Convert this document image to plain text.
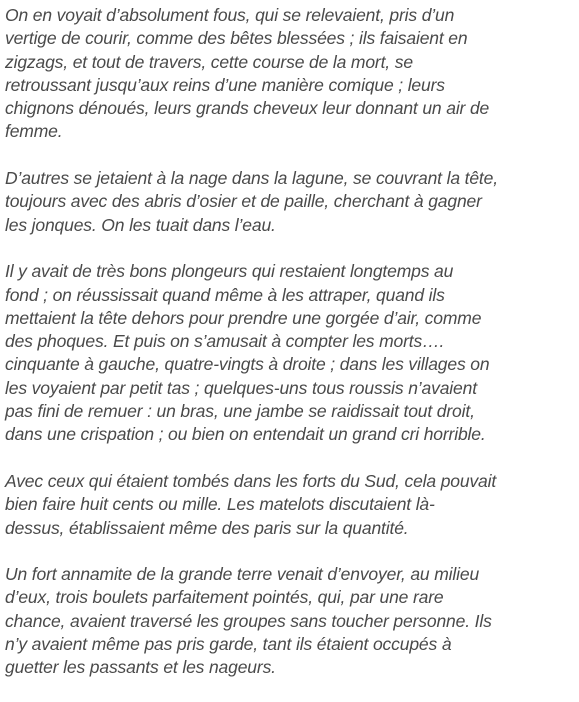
On en voyait d’absolument fous, qui se relevaient, pris d’un
vertige de courir, comme des bêtes blessées ; ils faisaient en
zigzags, et tout de travers, cette course de la mort, se
retroussant jusqu’aux reins d’une manière comique ; leurs
chignons dénoués, leurs grands cheveux leur donnant un air de
femme.

D’autres se jetaient à la nage dans la lagune, se couvrant la tête,
toujours avec des abris d’osier et de paille, cherchant à gagner
les jonques. On les tuait dans l’eau.

Il y avait de très bons plongeurs qui restaient longtemps au
fond ; on réussissait quand même à les attraper, quand ils
mettaient la tête dehors pour prendre une gorgée d’air, comme
des phoques. Et puis on s’amusait à compter les morts….
cinquante à gauche, quatre-vingts à droite ; dans les villages on
les voyaient par petit tas ; quelques-uns tous roussis n’avaient
pas fini de remuer : un bras, une jambe se raidissait tout droit,
dans une crispation ; ou bien on entendait un grand cri horrible.

Avec ceux qui étaient tombés dans les forts du Sud, cela pouvait
bien faire huit cents ou mille. Les matelots discutaient là-
dessus, établissaient même des paris sur la quantité.

Un fort annamite de la grande terre venait d’envoyer, au milieu
d’eux, trois boulets parfaitement pointés, qui, par une rare
chance, avaient traversé les groupes sans toucher personne. Ils
n’y avaient même pas pris garde, tant ils étaient occupés à
guetter les passants et les nageurs.
